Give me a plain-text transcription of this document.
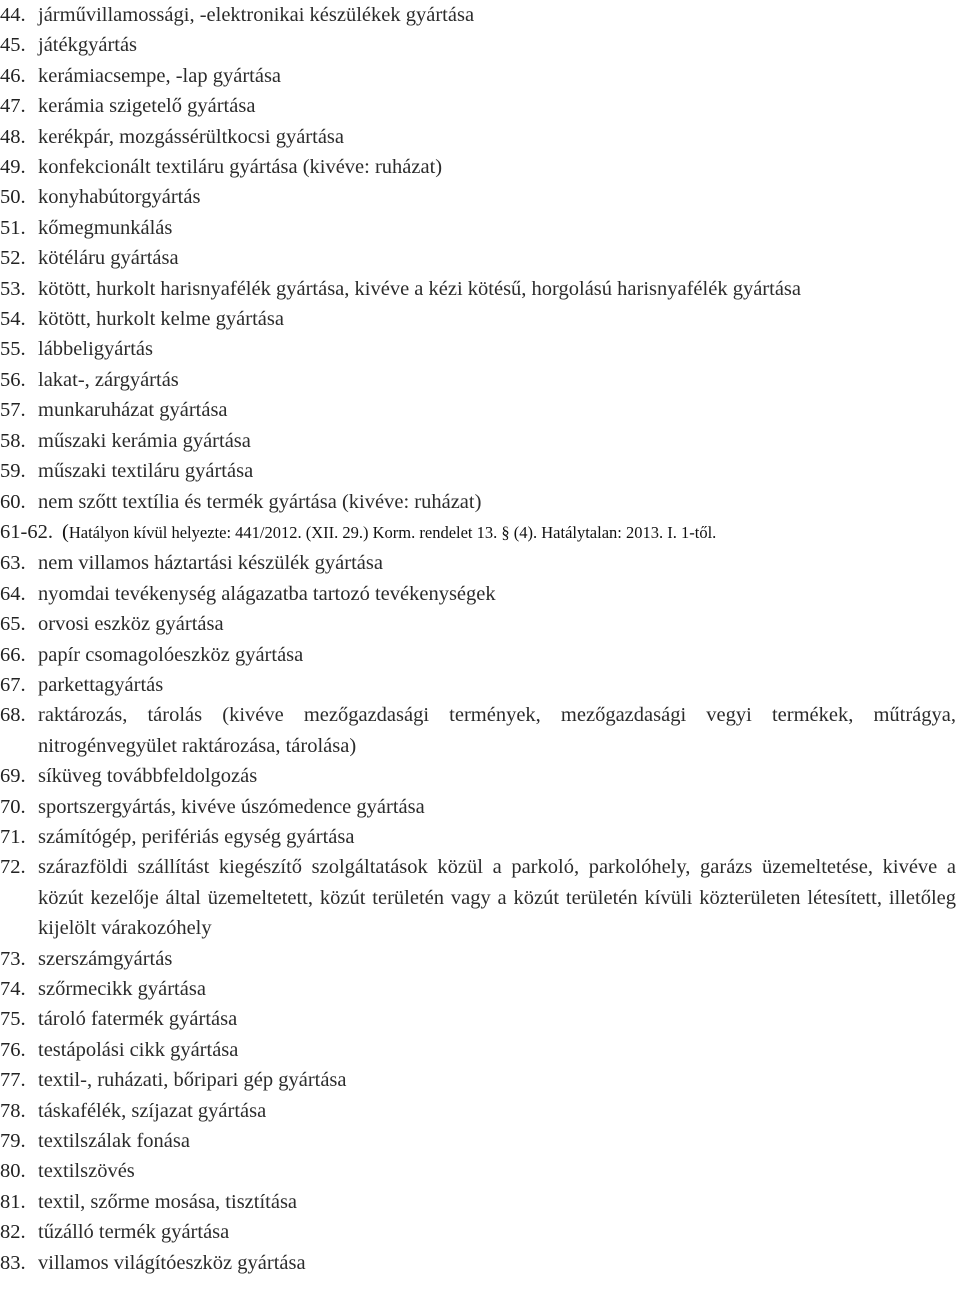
44. járművillamossági, -elektronikai készülékek gyártása
45. játékgyártás
46. kerámiacsempe, -lap gyártása
47. kerámia szigetelő gyártása
48. kerékpár, mozgássérültkocsi gyártása
49. konfekcionált textiláru gyártása (kivéve: ruházat)
50. konyhabútorgyártás
51. kőmegmunkálás
52. kötéláru gyártása
53. kötött, hurkolt harisnyafélék gyártása, kivéve a kézi kötésű, horgolású harisnyafélék gyártása
54. kötött, hurkolt kelme gyártása
55. lábbeligyártás
56. lakat-, zárgyártás
57. munkaruházat gyártása
58. műszaki kerámia gyártása
59. műszaki textiláru gyártása
60. nem szőtt textília és termék gyártása (kivéve: ruházat)
61-62. (Hatályon kívül helyezte: 441/2012. (XII. 29.) Korm. rendelet 13. § (4). Hatálytalan: 2013. I. 1-től.
63. nem villamos háztartási készülék gyártása
64. nyomdai tevékenység alágazatba tartozó tevékenységek
65. orvosi eszköz gyártása
66. papír csomagolóeszköz gyártása
67. parkettagyártás
68. raktározás, tárolás (kivéve mezőgazdasági termények, mezőgazdasági vegyi termékek, műtrágya, nitrogénvegyület raktározása, tárolása)
69. síküveg továbbfeldolgozás
70. sportszergyártás, kivéve úszómedence gyártása
71. számítógép, perifériás egység gyártása
72. szárazföldi szállítást kiegészítő szolgáltatások közül a parkoló, parkolóhely, garázs üzemeltetése, kivéve a közút kezelője által üzemeltetett, közút területén vagy a közút területén kívüli közterületen létesített, illetőleg kijelölt várakozóhely
73. szerszámgyártás
74. szőrmecikk gyártása
75. tároló fatermék gyártása
76. testápolási cikk gyártása
77. textil-, ruházati, bőripari gép gyártása
78. táskafélék, szíjazat gyártása
79. textilszálak fonása
80. textilszövés
81. textil, szőrme mosása, tisztítása
82. tűzálló termék gyártása
83. villamos világítóeszköz gyártása
